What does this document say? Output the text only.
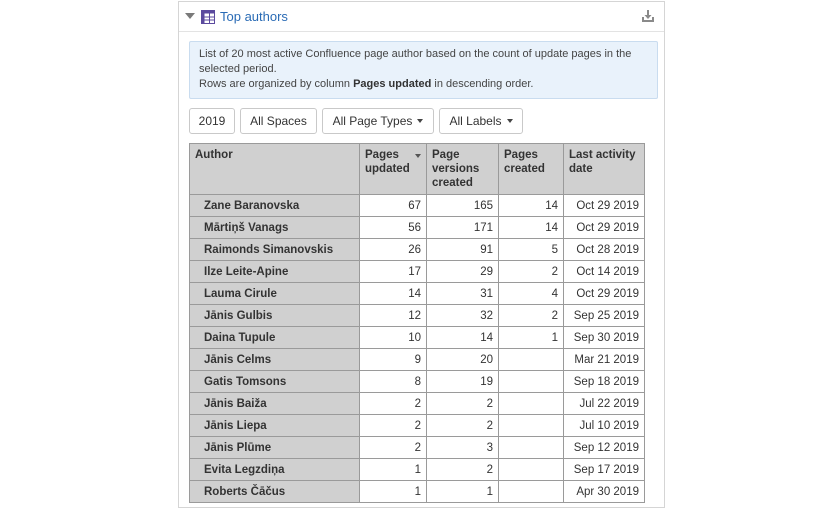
Top authors
List of 20 most active Confluence page author based on the count of update pages in the selected period.
Rows are organized by column Pages updated in descending order.
2019	All Spaces	All Page Types	All Labels
Author	Pages updated	Page versions created	Pages created	Last activity date
Zane Baranovska	67	165	14	Oct 29 2019
Mārtiņš Vanags	56	171	14	Oct 29 2019
Raimonds Simanovskis	26	91	5	Oct 28 2019
Ilze Leite-Apine	17	29	2	Oct 14 2019
Lauma Cirule	14	31	4	Oct 29 2019
Jānis Gulbis	12	32	2	Sep 25 2019
Daina Tupule	10	14	1	Sep 30 2019
Jānis Celms	9	20		Mar 21 2019
Gatis Tomsons	8	19		Sep 18 2019
Jānis Baiža	2	2		Jul 22 2019
Jānis Liepa	2	2		Jul 10 2019
Jānis Plūme	2	3		Sep 12 2019
Evita Legzdiņa	1	2		Sep 17 2019
Roberts Čāčus	1	1		Apr 30 2019
